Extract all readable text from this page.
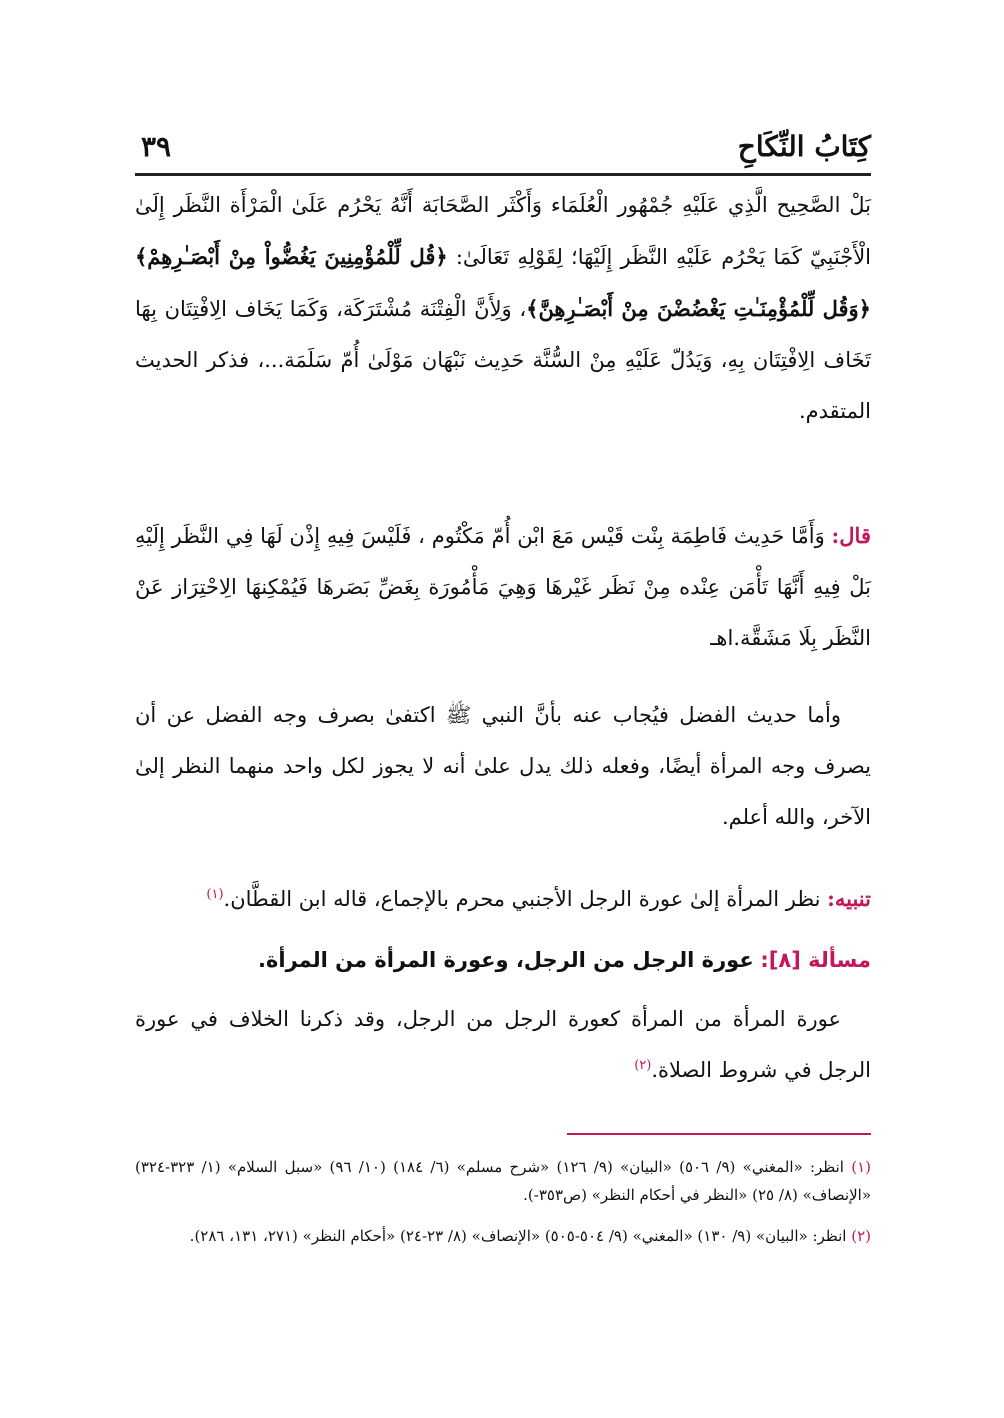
كِتَابُ النِّكَاحِ
٣٩

بَلْ الصَّحِيح الَّذِي عَلَيْهِ جُمْهُور الْعُلَمَاء وَأَكْثَر الصَّحَابَة أَنَّهُ يَحْرُم عَلَىٰ الْمَرْأَة النَّظَر إِلَىٰ الْأَجْنَبِيّ كَمَا يَحْرُم عَلَيْهِ النَّظَر إِلَيْهَا؛ لِقَوْلِهِ تَعَالَىٰ: ﴿قُل لِّلْمُؤْمِنِينَ يَغُضُّواْ مِنْ أَبْصَـٰرِهِمْ﴾ ﴿وَقُل لِّلْمُؤْمِنَـٰتِ يَغْضُضْنَ مِنْ أَبْصَـٰرِهِنَّ﴾، وَلِأَنَّ الْفِتْنَة مُشْتَرَكَة، وَكَمَا يَخَاف الِافْتِتَان بِهَا تَخَاف الِافْتِتَان بِهِ، وَيَدُلّ عَلَيْهِ مِنْ السُّنَّة حَدِيث نَبْهَان مَوْلَىٰ أُمّ سَلَمَة...، فذكر الحديث المتقدم.

قال: وَأَمَّا حَدِيث فَاطِمَة بِنْت قَيْس مَعَ ابْن أُمّ مَكْتُوم ، فَلَيْسَ فِيهِ إِذْن لَهَا فِي النَّظَر إِلَيْهِ بَلْ فِيهِ أَنَّهَا تَأْمَن عِنْده مِنْ نَظَر غَيْرهَا وَهِيَ مَأْمُورَة بِغَضِّ بَصَرهَا فَيُمْكِنهَا الِاحْتِرَاز عَنْ النَّظَر بِلَا مَشَقَّة.اهـ

وأما حديث الفضل فيُجاب عنه بأنَّ النبي ﷺ اكتفىٰ بصرف وجه الفضل عن أن يصرف وجه المرأة أيضًا، وفعله ذلك يدل علىٰ أنه لا يجوز لكل واحد منهما النظر إلىٰ الآخر، والله أعلم.

تنبيه: نظر المرأة إلىٰ عورة الرجل الأجنبي محرم بالإجماع، قاله ابن القطَّان.$^{(١)}$

مسألة [٨]: عورة الرجل من الرجل، وعورة المرأة من المرأة.

عورة المرأة من المرأة كعورة الرجل من الرجل، وقد ذكرنا الخلاف في عورة الرجل في شروط الصلاة.$^{(٢)}$

(١) انظر: «المغني» (٩/ ٥٠٦) «البيان» (٩/ ١٢٦) «شرح مسلم» (٦/ ١٨٤) (١٠/ ٩٦) «سبل السلام» (١/ ٣٢٣-٣٢٤) «الإنصاف» (٨/ ٢٥) «النظر في أحكام النظر» (ص٣٥٣-).

(٢) انظر: «البيان» (٩/ ١٣٠) «المغني» (٩/ ٥٠٤-٥٠٥) «الإنصاف» (٨/ ٢٣-٢٤) «أحكام النظر» (٢٧١، ١٣١، ٢٨٦).
